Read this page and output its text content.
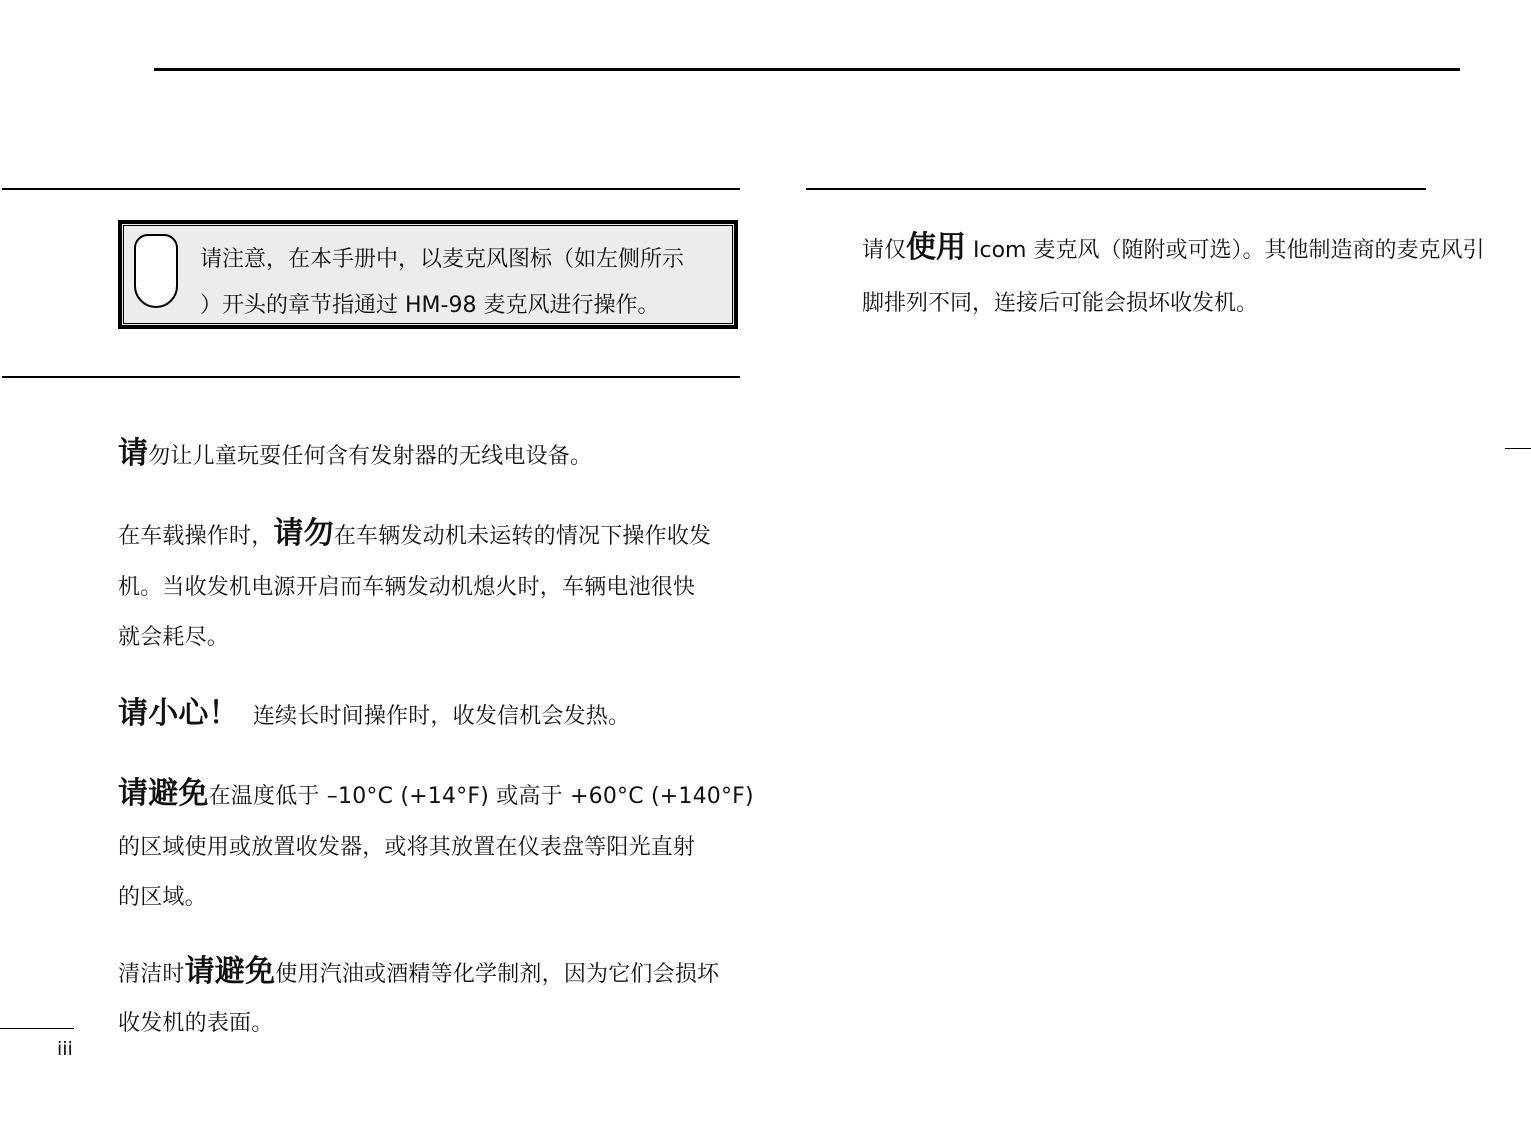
请注意，在本手册中，以麦克风图标（如左侧所示
）开头的章节指通过 HM-98 麦克风进行操作。
请勿让儿童玩耍任何含有发射器的无线电设备。
在车载操作时，请勿在车辆发动机未运转的情况下操作收发
机。当收发机电源开启而车辆发动机熄火时，车辆电池很快
就会耗尽。
请小心！ 连续长时间操作时，收发信机会发热。
请避免在温度低于 –10°C (+14°F) 或高于 +60°C (+140°F)
的区域使用或放置收发器，或将其放置在仪表盘等阳光直射
的区域。
清洁时请避免使用汽油或酒精等化学制剂，因为它们会损坏
收发机的表面。
请仅使用 Icom 麦克风（随附或可选）。其他制造商的麦克风引
脚排列不同，连接后可能会损坏收发机。
iii
